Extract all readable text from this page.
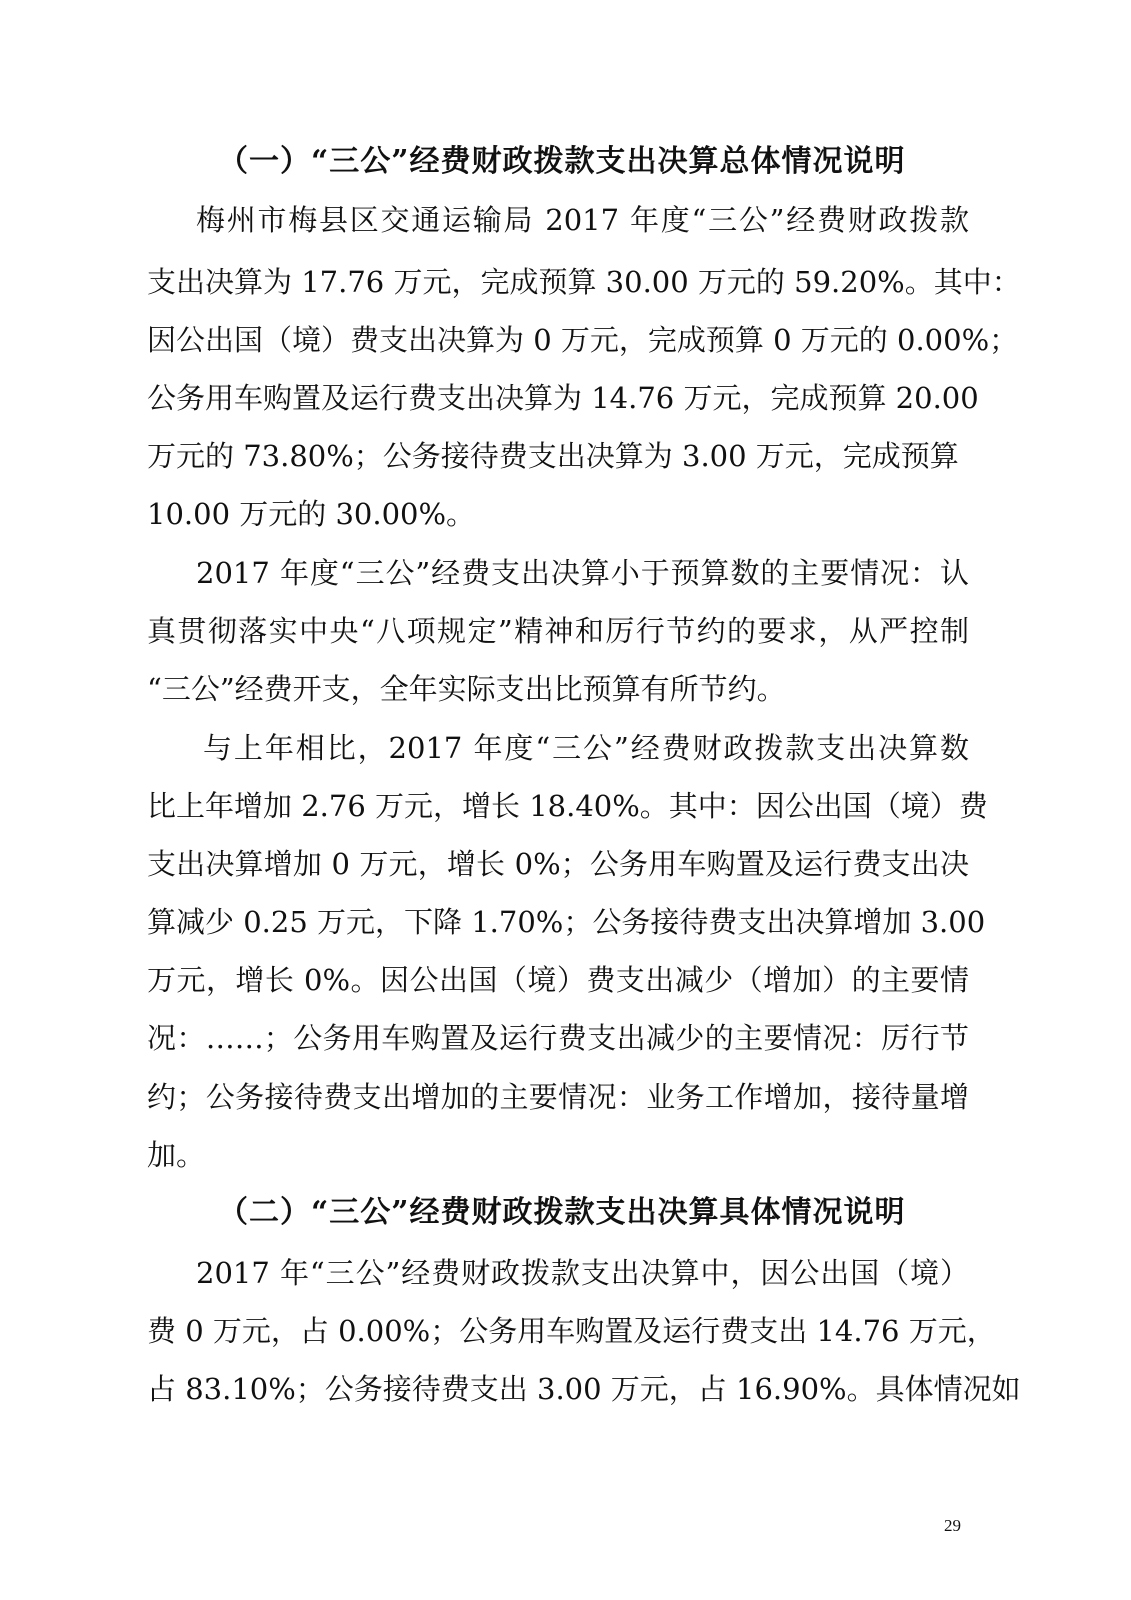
（一）“三公”经费财政拨款支出决算总体情况说明
梅州市梅县区交通运输局 2017 年度“三公”经费财政拨款
支出决算为 17.76 万元，完成预算 30.00 万元的 59.20%。其中：
因公出国（境）费支出决算为 0 万元，完成预算 0 万元的 0.00%；
公务用车购置及运行费支出决算为 14.76 万元，完成预算 20.00
万元的 73.80%；公务接待费支出决算为 3.00 万元，完成预算
10.00 万元的 30.00%。
2017 年度“三公”经费支出决算小于预算数的主要情况：认
真贯彻落实中央“八项规定”精神和厉行节约的要求，从严控制
“三公”经费开支，全年实际支出比预算有所节约。
与上年相比，2017 年度“三公”经费财政拨款支出决算数
比上年增加 2.76 万元，增长 18.40%。其中：因公出国（境）费
支出决算增加 0 万元，增长 0%；公务用车购置及运行费支出决
算减少 0.25 万元，下降 1.70%；公务接待费支出决算增加 3.00
万元，增长 0%。因公出国（境）费支出减少（增加）的主要情
况：……；公务用车购置及运行费支出减少的主要情况：厉行节
约；公务接待费支出增加的主要情况：业务工作增加，接待量增
加。
（二）“三公”经费财政拨款支出决算具体情况说明
2017 年“三公”经费财政拨款支出决算中，因公出国（境）
费 0 万元，占 0.00%；公务用车购置及运行费支出 14.76 万元，
占 83.10%；公务接待费支出 3.00 万元，占 16.90%。具体情况如
29
